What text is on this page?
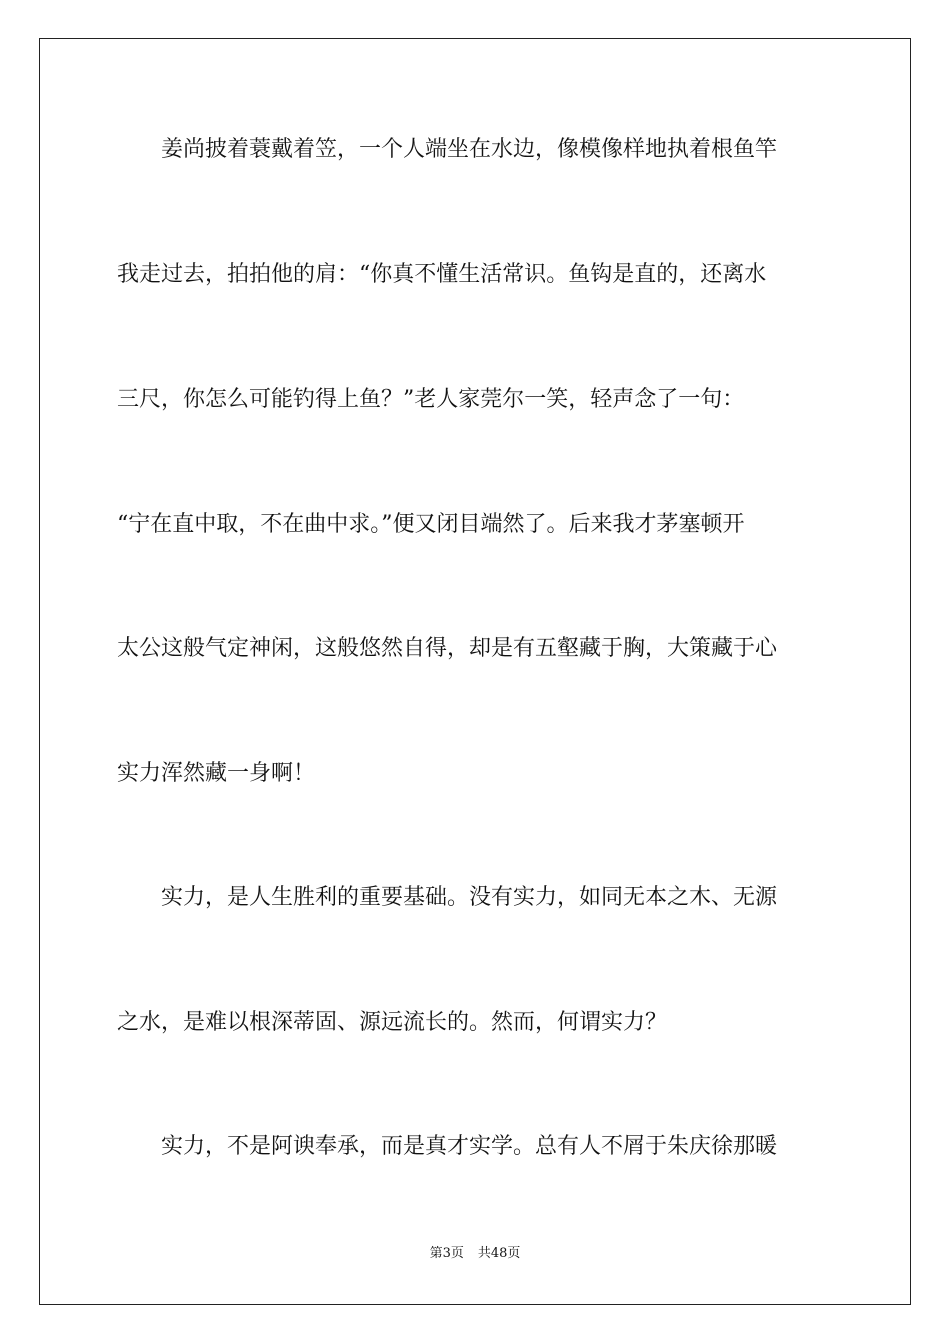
　　姜尚披着蓑戴着笠，一个人端坐在水边，像模像样地执着根鱼竿
我走过去，拍拍他的肩：“你真不懂生活常识。鱼钩是直的，还离水
三尺，你怎么可能钓得上鱼？”老人家莞尔一笑，轻声念了一句：
“宁在直中取，不在曲中求。”便又闭目端然了。后来我才茅塞顿开
太公这般气定神闲，这般悠然自得，却是有五壑藏于胸，大策藏于心
实力浑然藏一身啊！
　　实力，是人生胜利的重要基础。没有实力，如同无本之木、无源
之水，是难以根深蒂固、源远流长的。然而，何谓实力？
　　实力，不是阿谀奉承，而是真才实学。总有人不屑于朱庆徐那暖
第3页 共48页
